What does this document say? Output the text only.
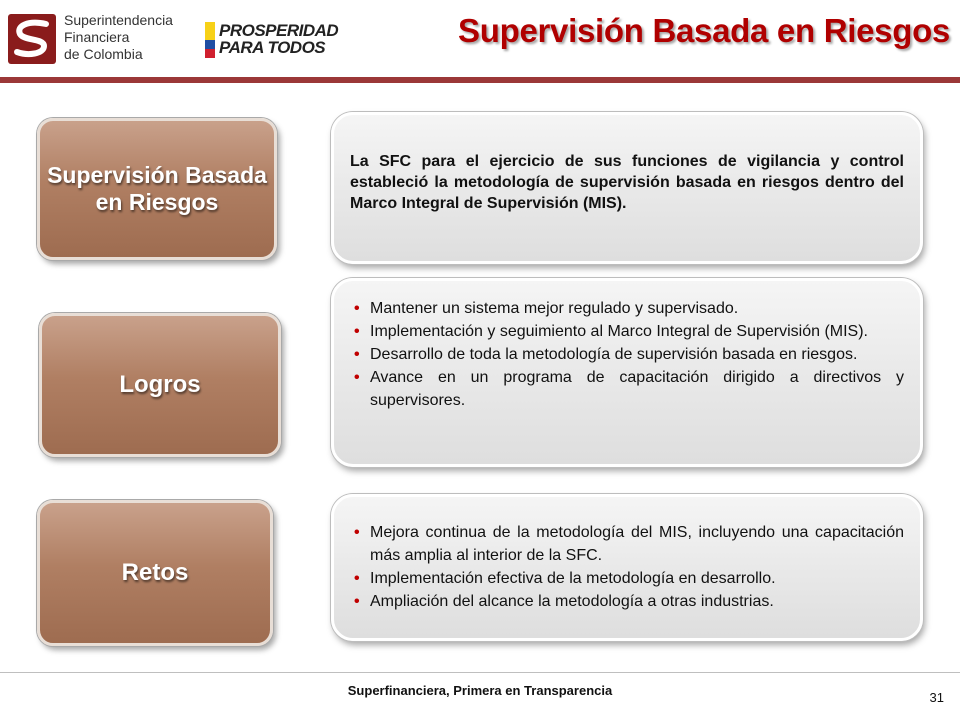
Superintendencia
Financiera
de Colombia
PROSPERIDAD
PARA TODOS	Supervisión Basada en Riesgos
Supervisión Basada en Riesgos

La SFC para el ejercicio de sus funciones de vigilancia y control estableció la metodología de supervisión basada en riesgos dentro del Marco Integral de Supervisión (MIS).

Logros
• Mantener un sistema mejor regulado y supervisado.
• Implementación y seguimiento al Marco Integral de Supervisión (MIS).
• Desarrollo de toda la metodología de supervisión basada en riesgos.
• Avance en un programa de capacitación dirigido a directivos y supervisores.
Retos
• Mejora continua de la metodología del MIS, incluyendo una capacitación más amplia al interior de la SFC.
• Implementación efectiva de la metodología en desarrollo.
• Ampliación del alcance la metodología a otras industrias.
Superfinanciera, Primera en Transparencia	31
